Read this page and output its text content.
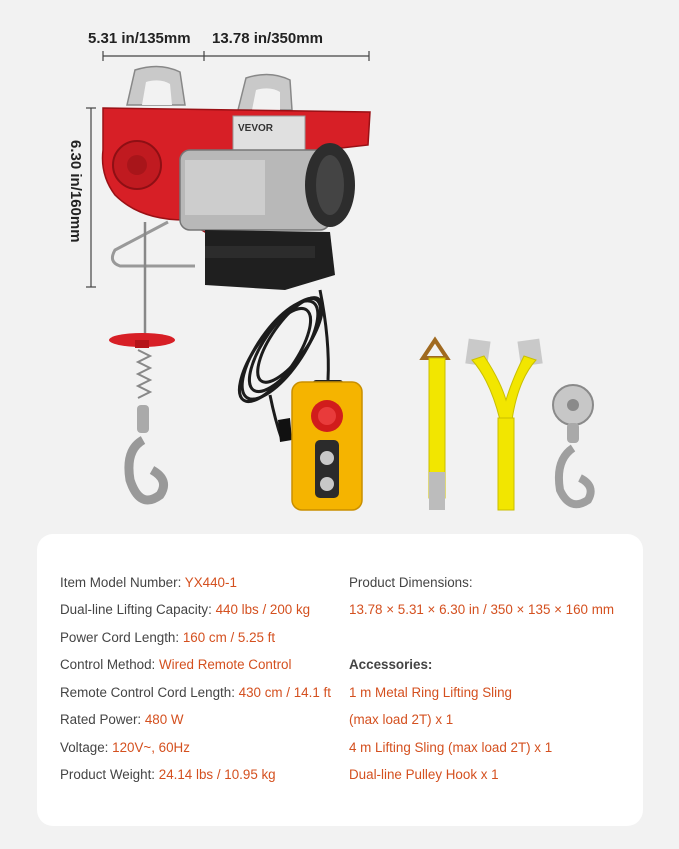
5.31 in/135mm 13.78 in/350mm
6.30 in/160mm
VEVOR
Item Model Number: YX440-1
Dual-line Lifting Capacity: 440 lbs / 200 kg
Power Cord Length: 160 cm / 5.25 ft
Control Method: Wired Remote Control
Remote Control Cord Length: 430 cm / 14.1 ft
Rated Power: 480 W
Voltage: 120V~, 60Hz
Product Weight: 24.14 lbs / 10.95 kg
Product Dimensions:
13.78 × 5.31 × 6.30 in / 350 × 135 × 160 mm
Accessories:
1 m Metal Ring Lifting Sling
(max load 2T) x 1
4 m Lifting Sling (max load 2T) x 1
Dual-line Pulley Hook x 1
